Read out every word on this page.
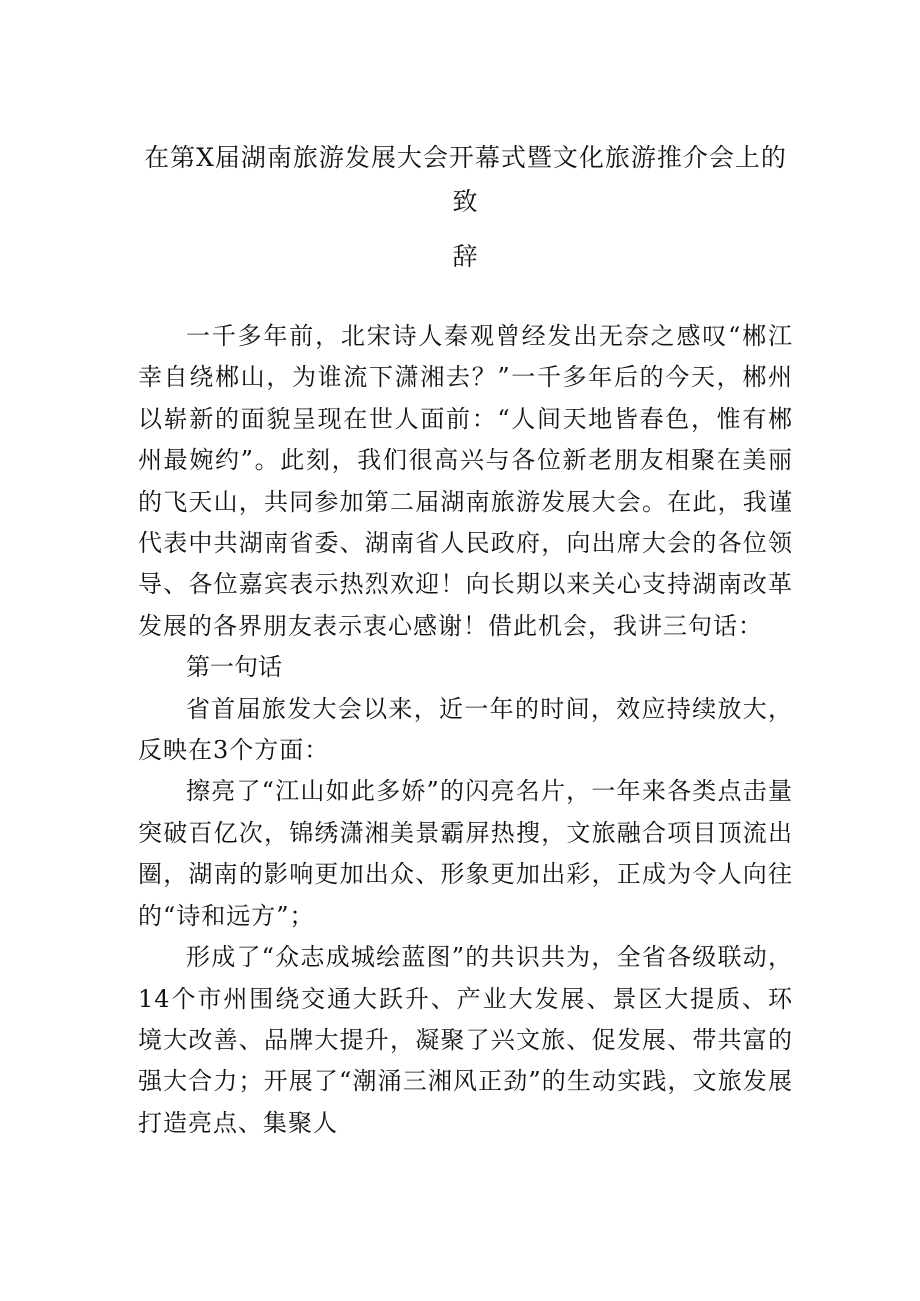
在第X届湖南旅游发展大会开幕式暨文化旅游推介会上的致
辞

一千多年前，北宋诗人秦观曾经发出无奈之感叹“郴江幸自绕郴山，为谁流下潇湘去？”一千多年后的今天，郴州以崭新的面貌呈现在世人面前：“人间天地皆春色，惟有郴州最婉约”。此刻，我们很高兴与各位新老朋友相聚在美丽的飞天山，共同参加第二届湖南旅游发展大会。在此，我谨代表中共湖南省委、湖南省人民政府，向出席大会的各位领导、各位嘉宾表示热烈欢迎！向长期以来关心支持湖南改革发展的各界朋友表示衷心感谢！借此机会，我讲三句话：

第一句话

省首届旅发大会以来，近一年的时间，效应持续放大，反映在3个方面：

擦亮了“江山如此多娇”的闪亮名片，一年来各类点击量突破百亿次，锦绣潇湘美景霸屏热搜，文旅融合项目顶流出圈，湖南的影响更加出众、形象更加出彩，正成为令人向往的“诗和远方”；

形成了“众志成城绘蓝图”的共识共为，全省各级联动，14个市州围绕交通大跃升、产业大发展、景区大提质、环境大改善、品牌大提升，凝聚了兴文旅、促发展、带共富的强大合力；开展了“潮涌三湘风正劲”的生动实践，文旅发展打造亮点、集聚人
